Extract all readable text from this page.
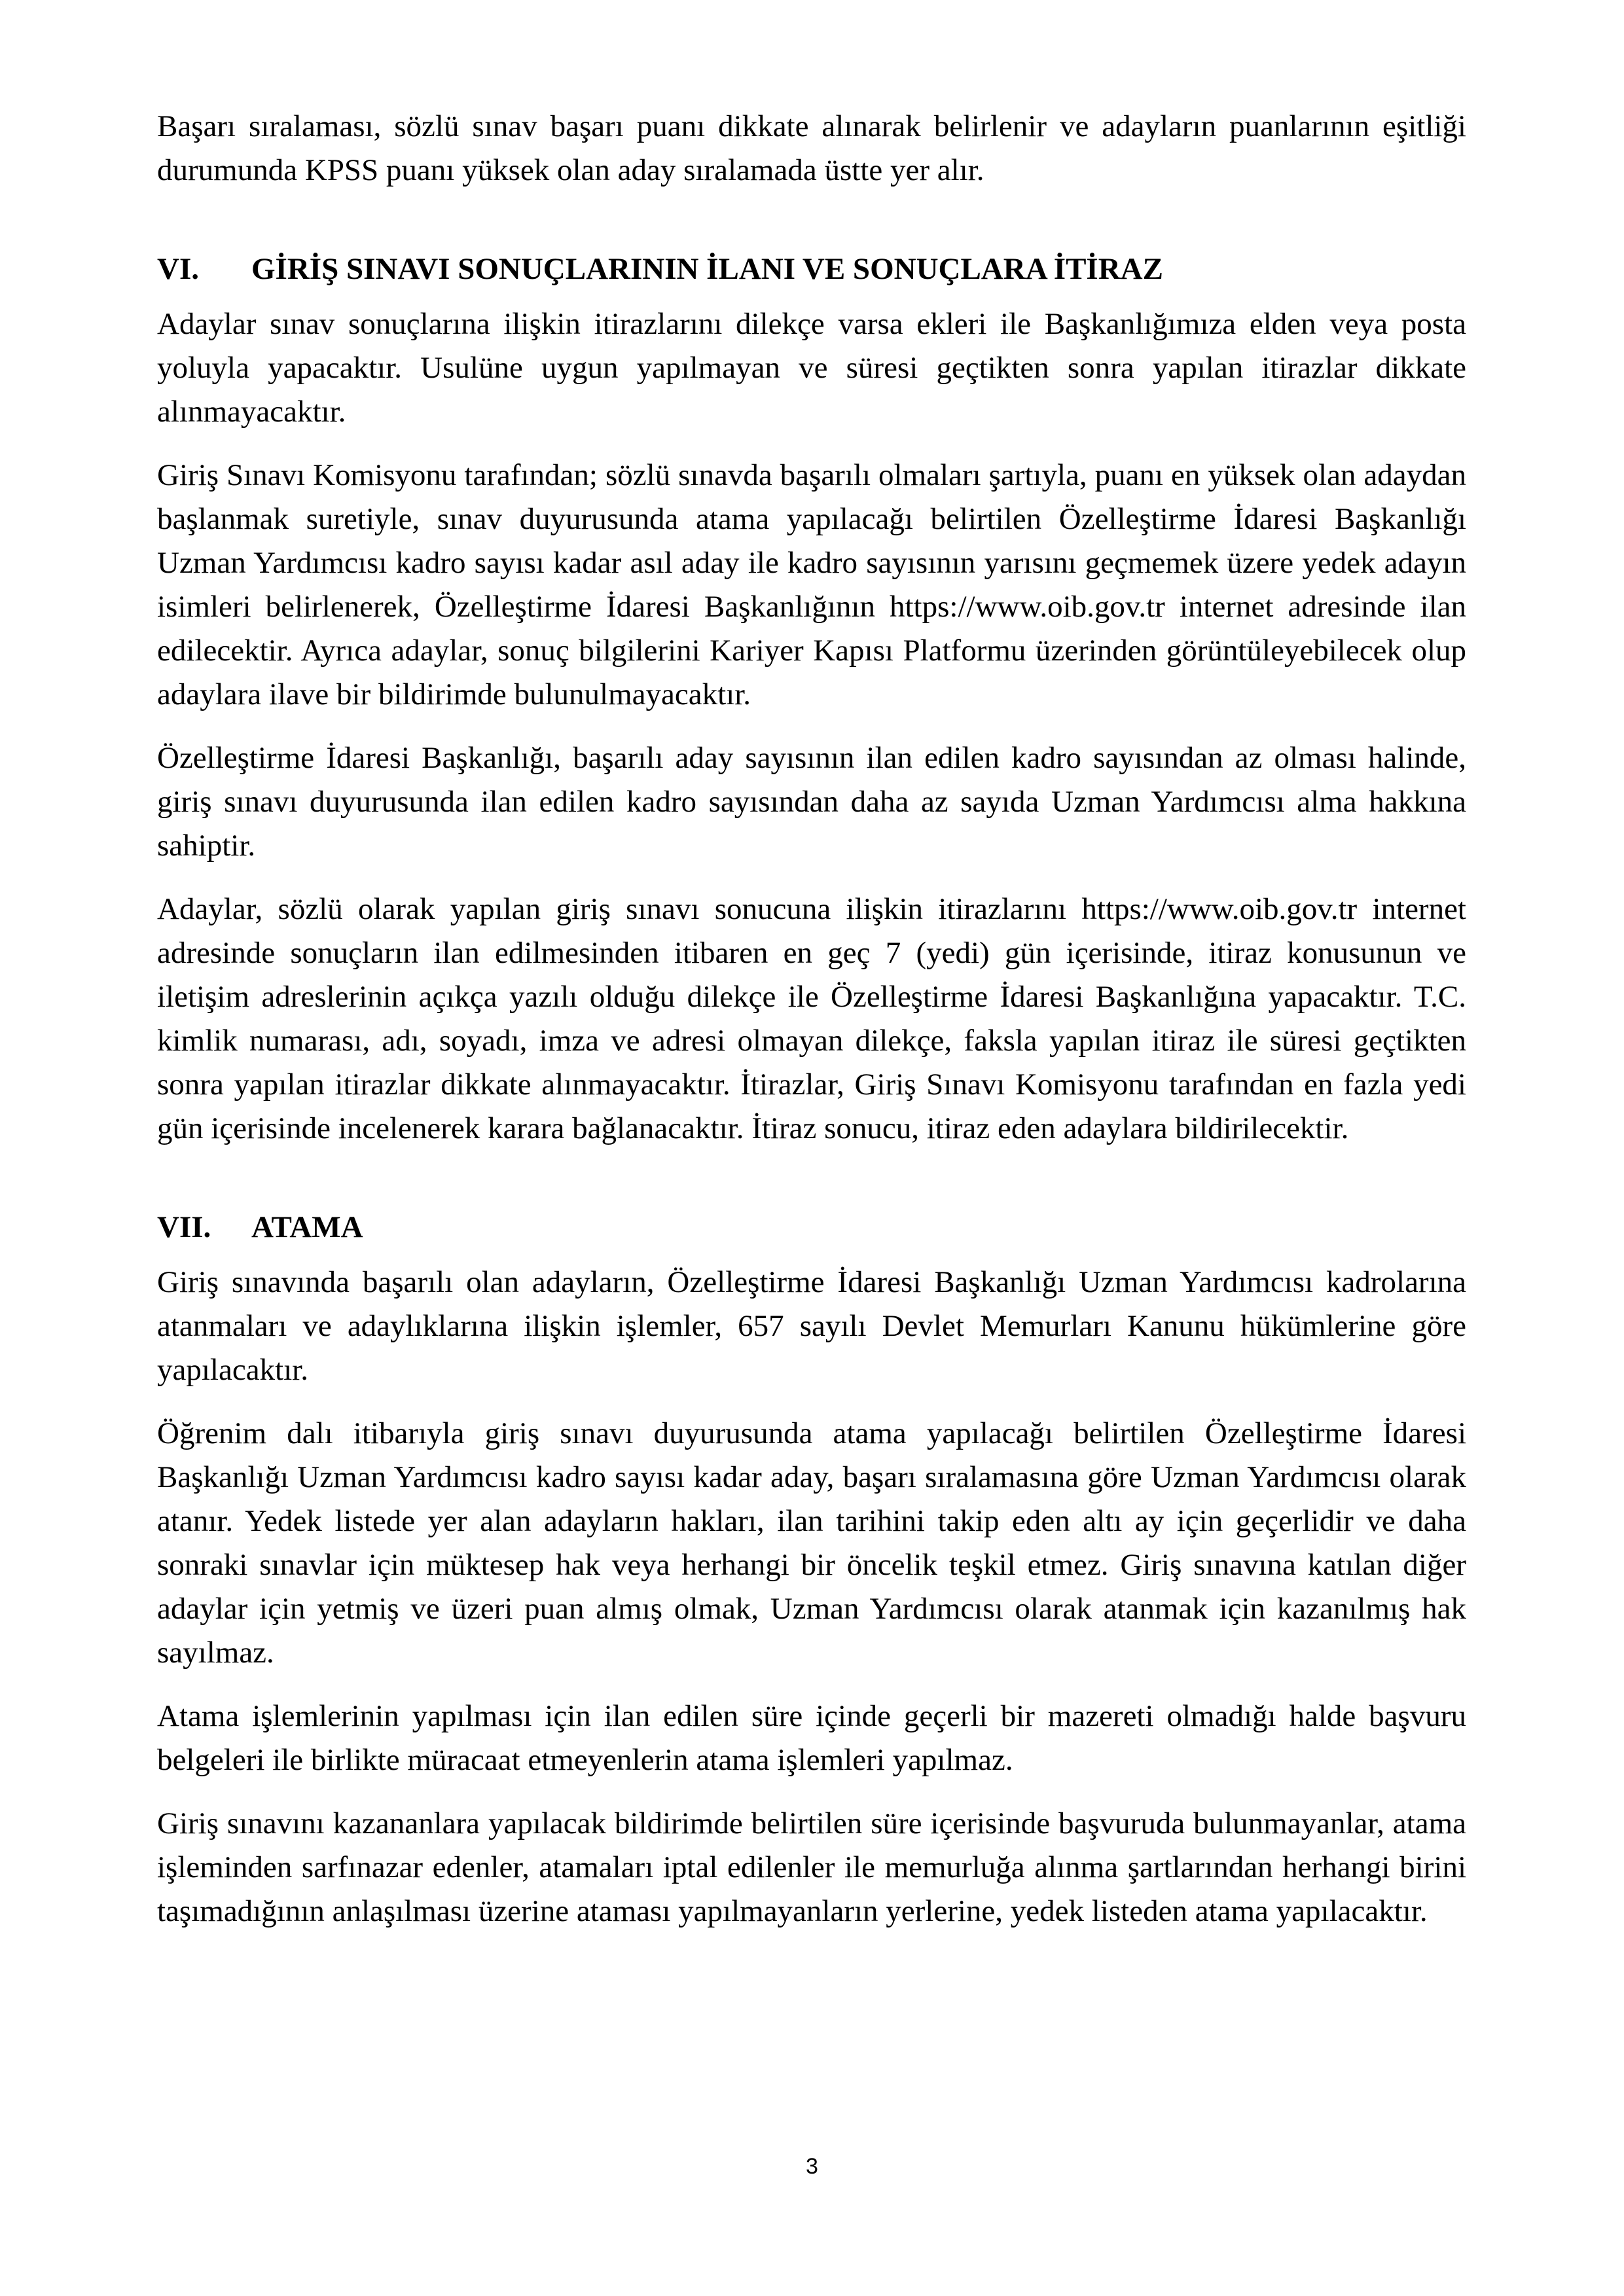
Başarı sıralaması, sözlü sınav başarı puanı dikkate alınarak belirlenir ve adayların puanlarının eşitliği durumunda KPSS puanı yüksek olan aday sıralamada üstte yer alır.

VI.	GİRİŞ SINAVI SONUÇLARININ İLANI VE SONUÇLARA İTİRAZ

Adaylar sınav sonuçlarına ilişkin itirazlarını dilekçe varsa ekleri ile Başkanlığımıza elden veya posta yoluyla yapacaktır. Usulüne uygun yapılmayan ve süresi geçtikten sonra yapılan itirazlar dikkate alınmayacaktır.

Giriş Sınavı Komisyonu tarafından; sözlü sınavda başarılı olmaları şartıyla, puanı en yüksek olan adaydan başlanmak suretiyle, sınav duyurusunda atama yapılacağı belirtilen Özelleştirme İdaresi Başkanlığı Uzman Yardımcısı kadro sayısı kadar asıl aday ile kadro sayısının yarısını geçmemek üzere yedek adayın isimleri belirlenerek, Özelleştirme İdaresi Başkanlığının https://www.oib.gov.tr internet adresinde ilan edilecektir. Ayrıca adaylar, sonuç bilgilerini Kariyer Kapısı Platformu üzerinden görüntüleyebilecek olup adaylara ilave bir bildirimde bulunulmayacaktır.

Özelleştirme İdaresi Başkanlığı, başarılı aday sayısının ilan edilen kadro sayısından az olması halinde, giriş sınavı duyurusunda ilan edilen kadro sayısından daha az sayıda Uzman Yardımcısı alma hakkına sahiptir.

Adaylar, sözlü olarak yapılan giriş sınavı sonucuna ilişkin itirazlarını https://www.oib.gov.tr internet adresinde sonuçların ilan edilmesinden itibaren en geç 7 (yedi) gün içerisinde, itiraz konusunun ve iletişim adreslerinin açıkça yazılı olduğu dilekçe ile Özelleştirme İdaresi Başkanlığına yapacaktır. T.C. kimlik numarası, adı, soyadı, imza ve adresi olmayan dilekçe, faksla yapılan itiraz ile süresi geçtikten sonra yapılan itirazlar dikkate alınmayacaktır. İtirazlar, Giriş Sınavı Komisyonu tarafından en fazla yedi gün içerisinde incelenerek karara bağlanacaktır. İtiraz sonucu, itiraz eden adaylara bildirilecektir.

VII.	ATAMA

Giriş sınavında başarılı olan adayların, Özelleştirme İdaresi Başkanlığı Uzman Yardımcısı kadrolarına atanmaları ve adaylıklarına ilişkin işlemler, 657 sayılı Devlet Memurları Kanunu hükümlerine göre yapılacaktır.

Öğrenim dalı itibarıyla giriş sınavı duyurusunda atama yapılacağı belirtilen Özelleştirme İdaresi Başkanlığı Uzman Yardımcısı kadro sayısı kadar aday, başarı sıralamasına göre Uzman Yardımcısı olarak atanır. Yedek listede yer alan adayların hakları, ilan tarihini takip eden altı ay için geçerlidir ve daha sonraki sınavlar için müktesep hak veya herhangi bir öncelik teşkil etmez. Giriş sınavına katılan diğer adaylar için yetmiş ve üzeri puan almış olmak, Uzman Yardımcısı olarak atanmak için kazanılmış hak sayılmaz.

Atama işlemlerinin yapılması için ilan edilen süre içinde geçerli bir mazereti olmadığı halde başvuru belgeleri ile birlikte müracaat etmeyenlerin atama işlemleri yapılmaz.

Giriş sınavını kazananlara yapılacak bildirimde belirtilen süre içerisinde başvuruda bulunmayanlar, atama işleminden sarfınazar edenler, atamaları iptal edilenler ile memurluğa alınma şartlarından herhangi birini taşımadığının anlaşılması üzerine ataması yapılmayanların yerlerine, yedek listeden atama yapılacaktır.

3
